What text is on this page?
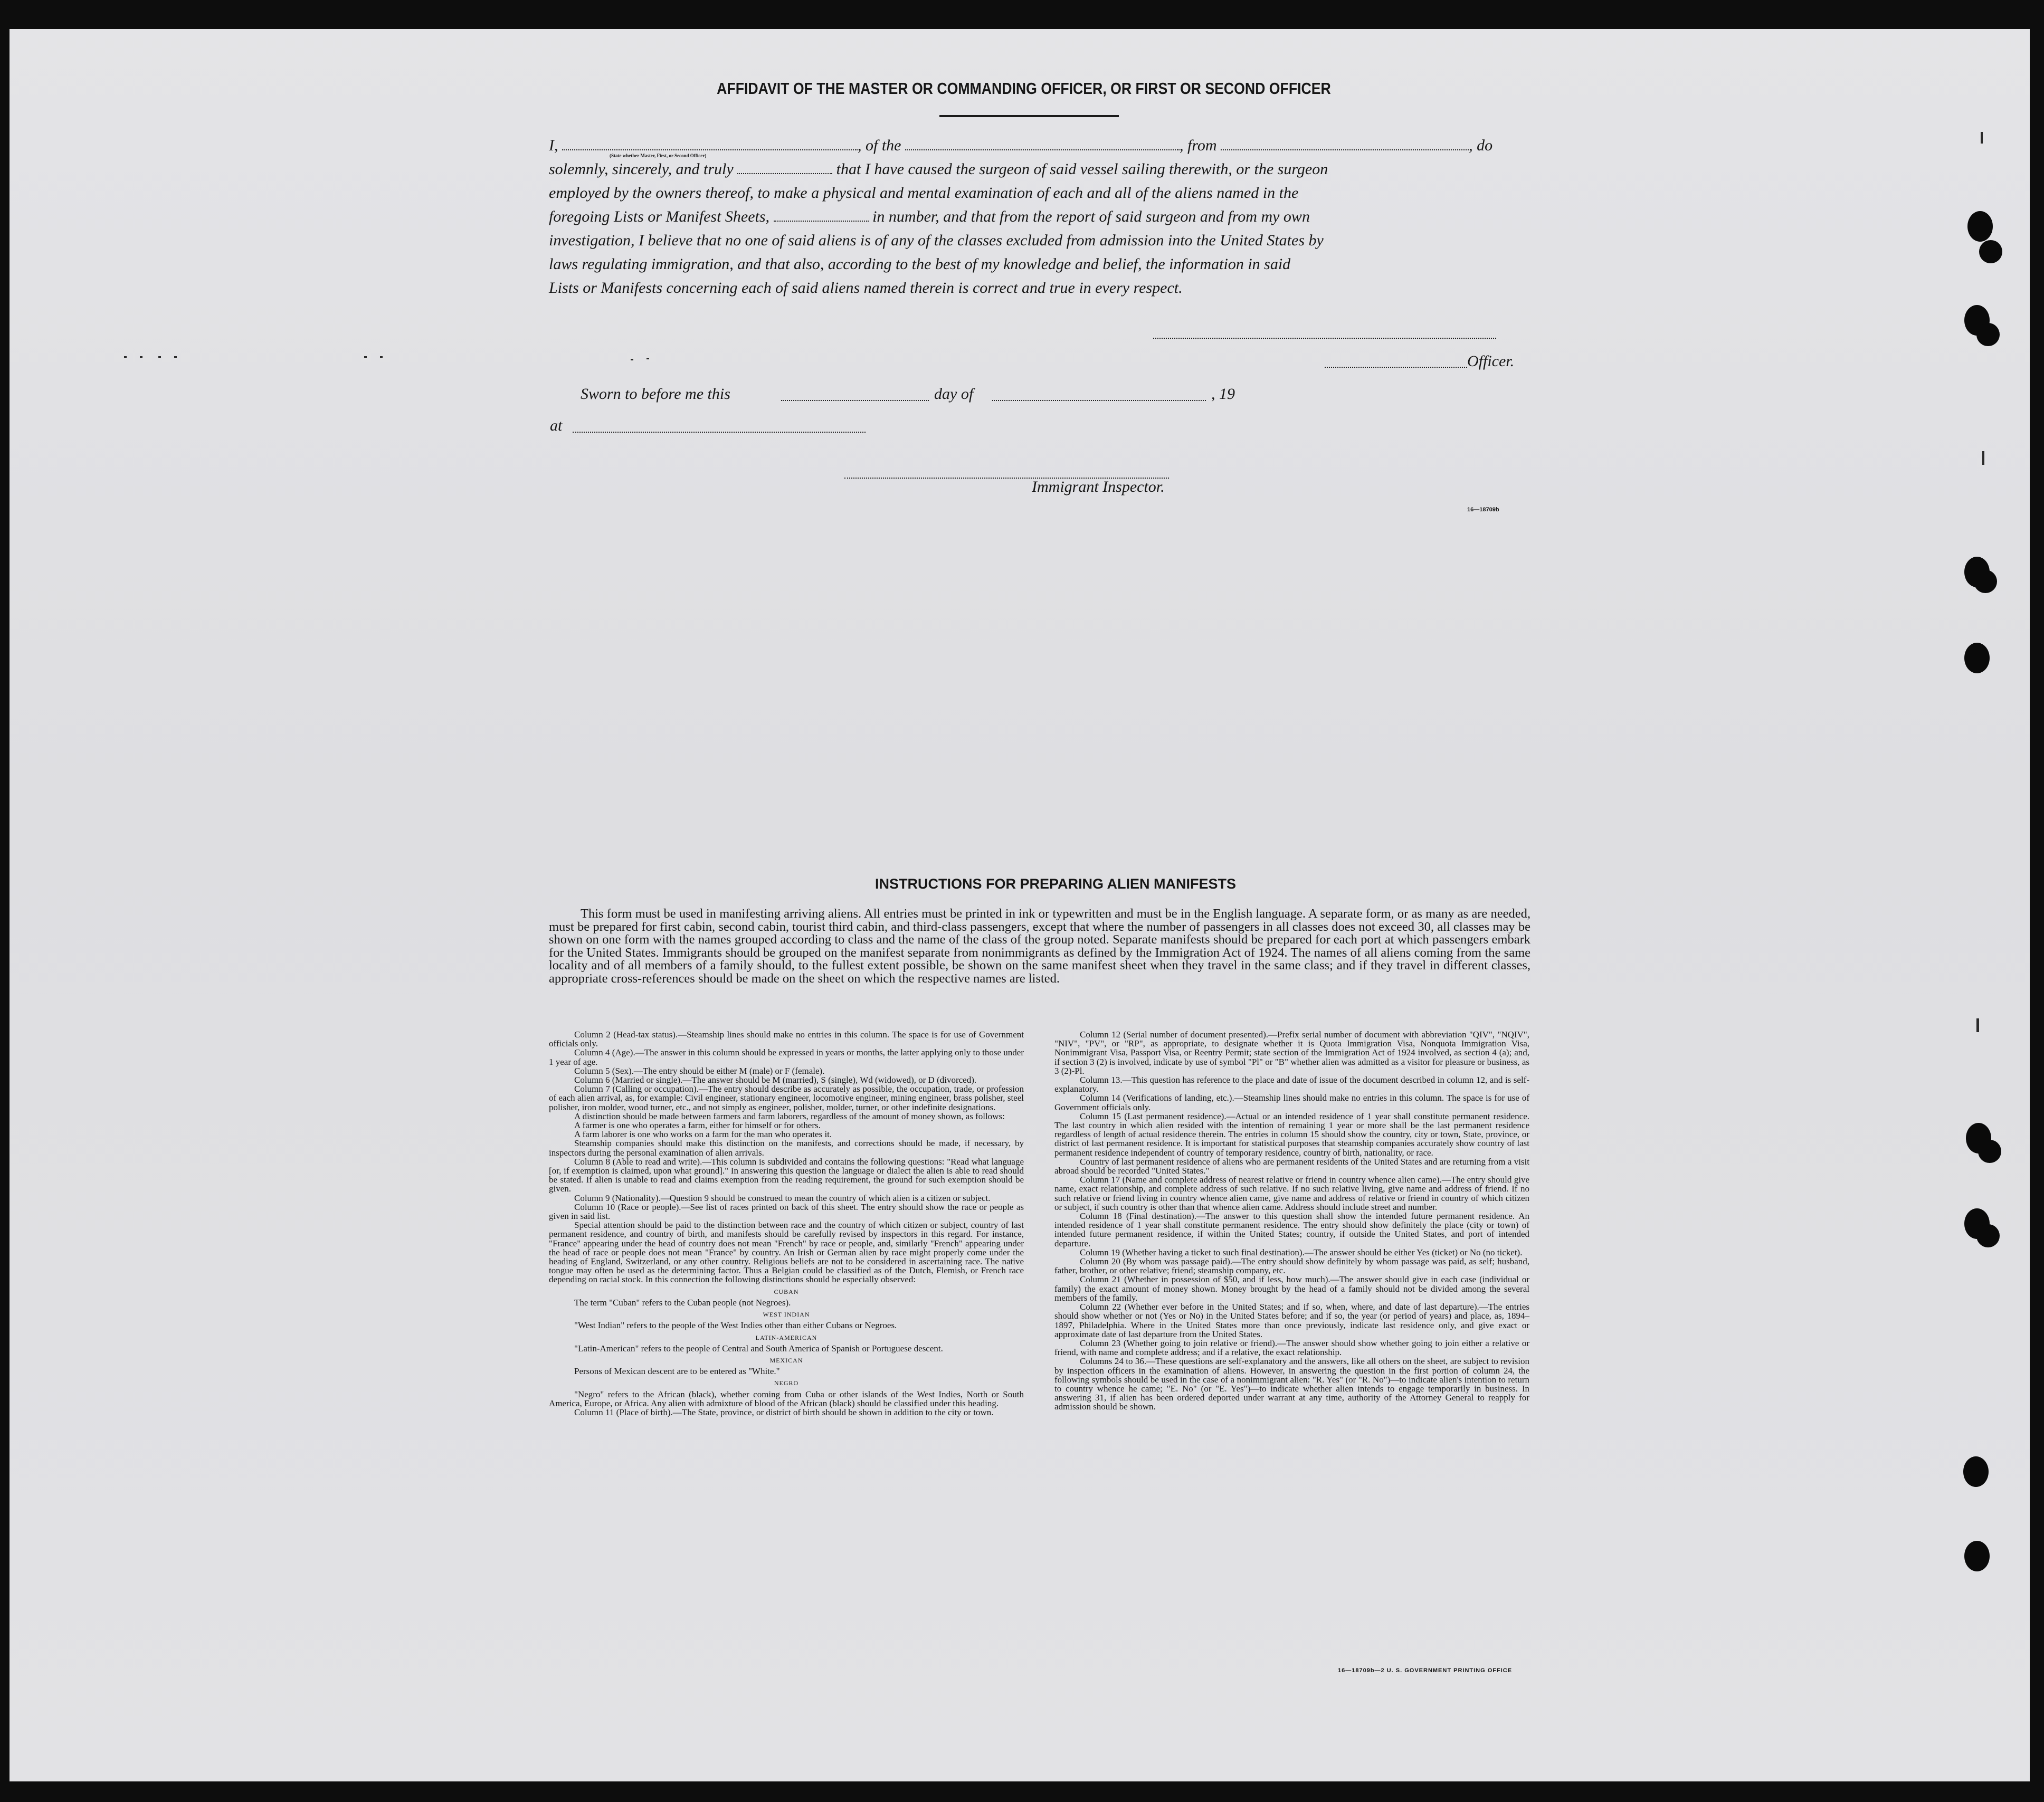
AFFIDAVIT OF THE MASTER OR COMMANDING OFFICER, OR FIRST OR SECOND OFFICER

I,	, of the	, from	, do

solemnly, sincerely, and truly	that I have caused the surgeon of said vessel sailing therewith, or the surgeon

employed by the owners thereof, to make a physical and mental examination of each and all of the aliens named in the

foregoing Lists or Manifest Sheets,	in number, and that from the report of said surgeon and from my own

investigation, I believe that no one of said aliens is of any of the classes excluded from admission into the United States by

laws regulating immigration, and that also, according to the best of my knowledge and belief, the information in said

Lists or Manifests concerning each of said aliens named therein is correct and true in every respect.

(State whether Master, First, or Second Officer)
Officer.
Sworn to before me this	day of	, 19
at
Immigrant Inspector.
16—18709b
INSTRUCTIONS FOR PREPARING ALIEN MANIFESTS
This form must be used in manifesting arriving aliens. All entries must be printed in ink or typewritten and must be in the English language. A separate form, or as many as are needed, must be prepared for first cabin, second cabin, tourist third cabin, and third-class passengers, except that where the number of passengers in all classes does not exceed 30, all classes may be shown on one form with the names grouped according to class and the name of the class of the group noted. Separate manifests should be prepared for each port at which passengers embark for the United States. Immigrants should be grouped on the manifest separate from nonimmigrants as defined by the Immigration Act of 1924. The names of all aliens coming from the same locality and of all members of a family should, to the fullest extent possible, be shown on the same manifest sheet when they travel in the same class; and if they travel in different classes, appropriate cross-references should be made on the sheet on which the respective names are listed.

Column 2 (Head-tax status).—Steamship lines should make no entries in this column. The space is for use of Government officials only.

Column 4 (Age).—The answer in this column should be expressed in years or months, the latter applying only to those under 1 year of age.

Column 5 (Sex).—The entry should be either M (male) or F (female).

Column 6 (Married or single).—The answer should be M (married), S (single), Wd (widowed), or D (divorced).

Column 7 (Calling or occupation).—The entry should describe as accurately as possible, the occupation, trade, or profession of each alien arrival, as, for example: Civil engineer, stationary engineer, locomotive engineer, mining engineer, brass polisher, steel polisher, iron molder, wood turner, etc., and not simply as engineer, polisher, molder, turner, or other indefinite designations.

A distinction should be made between farmers and farm laborers, regardless of the amount of money shown, as follows:

A farmer is one who operates a farm, either for himself or for others.

A farm laborer is one who works on a farm for the man who operates it.

Steamship companies should make this distinction on the manifests, and corrections should be made, if necessary, by inspectors during the personal examination of alien arrivals.

Column 8 (Able to read and write).—This column is subdivided and contains the following questions: "Read what language [or, if exemption is claimed, upon what ground]." In answering this question the language or dialect the alien is able to read should be stated. If alien is unable to read and claims exemption from the reading requirement, the ground for such exemption should be given.

Column 9 (Nationality).—Question 9 should be construed to mean the country of which alien is a citizen or subject.

Column 10 (Race or people).—See list of races printed on back of this sheet. The entry should show the race or people as given in said list.

Special attention should be paid to the distinction between race and the country of which citizen or subject, country of last permanent residence, and country of birth, and manifests should be carefully revised by inspectors in this regard. For instance, "France" appearing under the head of country does not mean "French" by race or people, and, similarly "French" appearing under the head of race or people does not mean "France" by country. An Irish or German alien by race might properly come under the heading of England, Switzerland, or any other country. Religious beliefs are not to be considered in ascertaining race. The native tongue may often be used as the determining factor. Thus a Belgian could be classified as of the Dutch, Flemish, or French race depending on racial stock. In this connection the following distinctions should be especially observed:

CUBAN

The term "Cuban" refers to the Cuban people (not Negroes).

WEST INDIAN

"West Indian" refers to the people of the West Indies other than either Cubans or Negroes.

LATIN-AMERICAN

"Latin-American" refers to the people of Central and South America of Spanish or Portuguese descent.

MEXICAN

Persons of Mexican descent are to be entered as "White."

NEGRO

"Negro" refers to the African (black), whether coming from Cuba or other islands of the West Indies, North or South America, Europe, or Africa. Any alien with admixture of blood of the African (black) should be classified under this heading.

Column 11 (Place of birth).—The State, province, or district of birth should be shown in addition to the city or town.

Column 12 (Serial number of document presented).—Prefix serial number of document with abbreviation "QIV", "NQIV", "NIV", "PV", or "RP", as appropriate, to designate whether it is Quota Immigration Visa, Nonquota Immigration Visa, Nonimmigrant Visa, Passport Visa, or Reentry Permit; state section of the Immigration Act of 1924 involved, as section 4 (a); and, if section 3 (2) is involved, indicate by use of symbol "Pl" or "B" whether alien was admitted as a visitor for pleasure or business, as 3 (2)-Pl.

Column 13.—This question has reference to the place and date of issue of the document described in column 12, and is self-explanatory.

Column 14 (Verifications of landing, etc.).—Steamship lines should make no entries in this column. The space is for use of Government officials only.

Column 15 (Last permanent residence).—Actual or an intended residence of 1 year shall constitute permanent residence. The last country in which alien resided with the intention of remaining 1 year or more shall be the last permanent residence regardless of length of actual residence therein. The entries in column 15 should show the country, city or town, State, province, or district of last permanent residence. It is important for statistical purposes that steamship companies accurately show country of last permanent residence independent of country of temporary residence, country of birth, nationality, or race.

Country of last permanent residence of aliens who are permanent residents of the United States and are returning from a visit abroad should be recorded "United States."

Column 17 (Name and complete address of nearest relative or friend in country whence alien came).—The entry should give name, exact relationship, and complete address of such relative. If no such relative living, give name and address of friend. If no such relative or friend living in country whence alien came, give name and address of relative or friend in country of which citizen or subject, if such country is other than that whence alien came. Address should include street and number.

Column 18 (Final destination).—The answer to this question shall show the intended future permanent residence. An intended residence of 1 year shall constitute permanent residence. The entry should show definitely the place (city or town) of intended future permanent residence, if within the United States; country, if outside the United States, and port of intended departure.

Column 19 (Whether having a ticket to such final destination).—The answer should be either Yes (ticket) or No (no ticket).

Column 20 (By whom was passage paid).—The entry should show definitely by whom passage was paid, as self; husband, father, brother, or other relative; friend; steamship company, etc.

Column 21 (Whether in possession of $50, and if less, how much).—The answer should give in each case (individual or family) the exact amount of money shown. Money brought by the head of a family should not be divided among the several members of the family.

Column 22 (Whether ever before in the United States; and if so, when, where, and date of last departure).—The entries should show whether or not (Yes or No) in the United States before; and if so, the year (or period of years) and place, as, 1894–1897, Philadelphia. Where in the United States more than once previously, indicate last residence only, and give exact or approximate date of last departure from the United States.

Column 23 (Whether going to join relative or friend).—The answer should show whether going to join either a relative or friend, with name and complete address; and if a relative, the exact relationship.

Columns 24 to 36.—These questions are self-explanatory and the answers, like all others on the sheet, are subject to revision by inspection officers in the examination of aliens. However, in answering the question in the first portion of column 24, the following symbols should be used in the case of a nonimmigrant alien: "R. Yes" (or "R. No")—to indicate alien's intention to return to country whence he came; "E. No" (or "E. Yes")—to indicate whether alien intends to engage temporarily in business. In answering 31, if alien has been ordered deported under warrant at any time, authority of the Attorney General to reapply for admission should be shown.

16—18709b—2 U. S. GOVERNMENT PRINTING OFFICE
